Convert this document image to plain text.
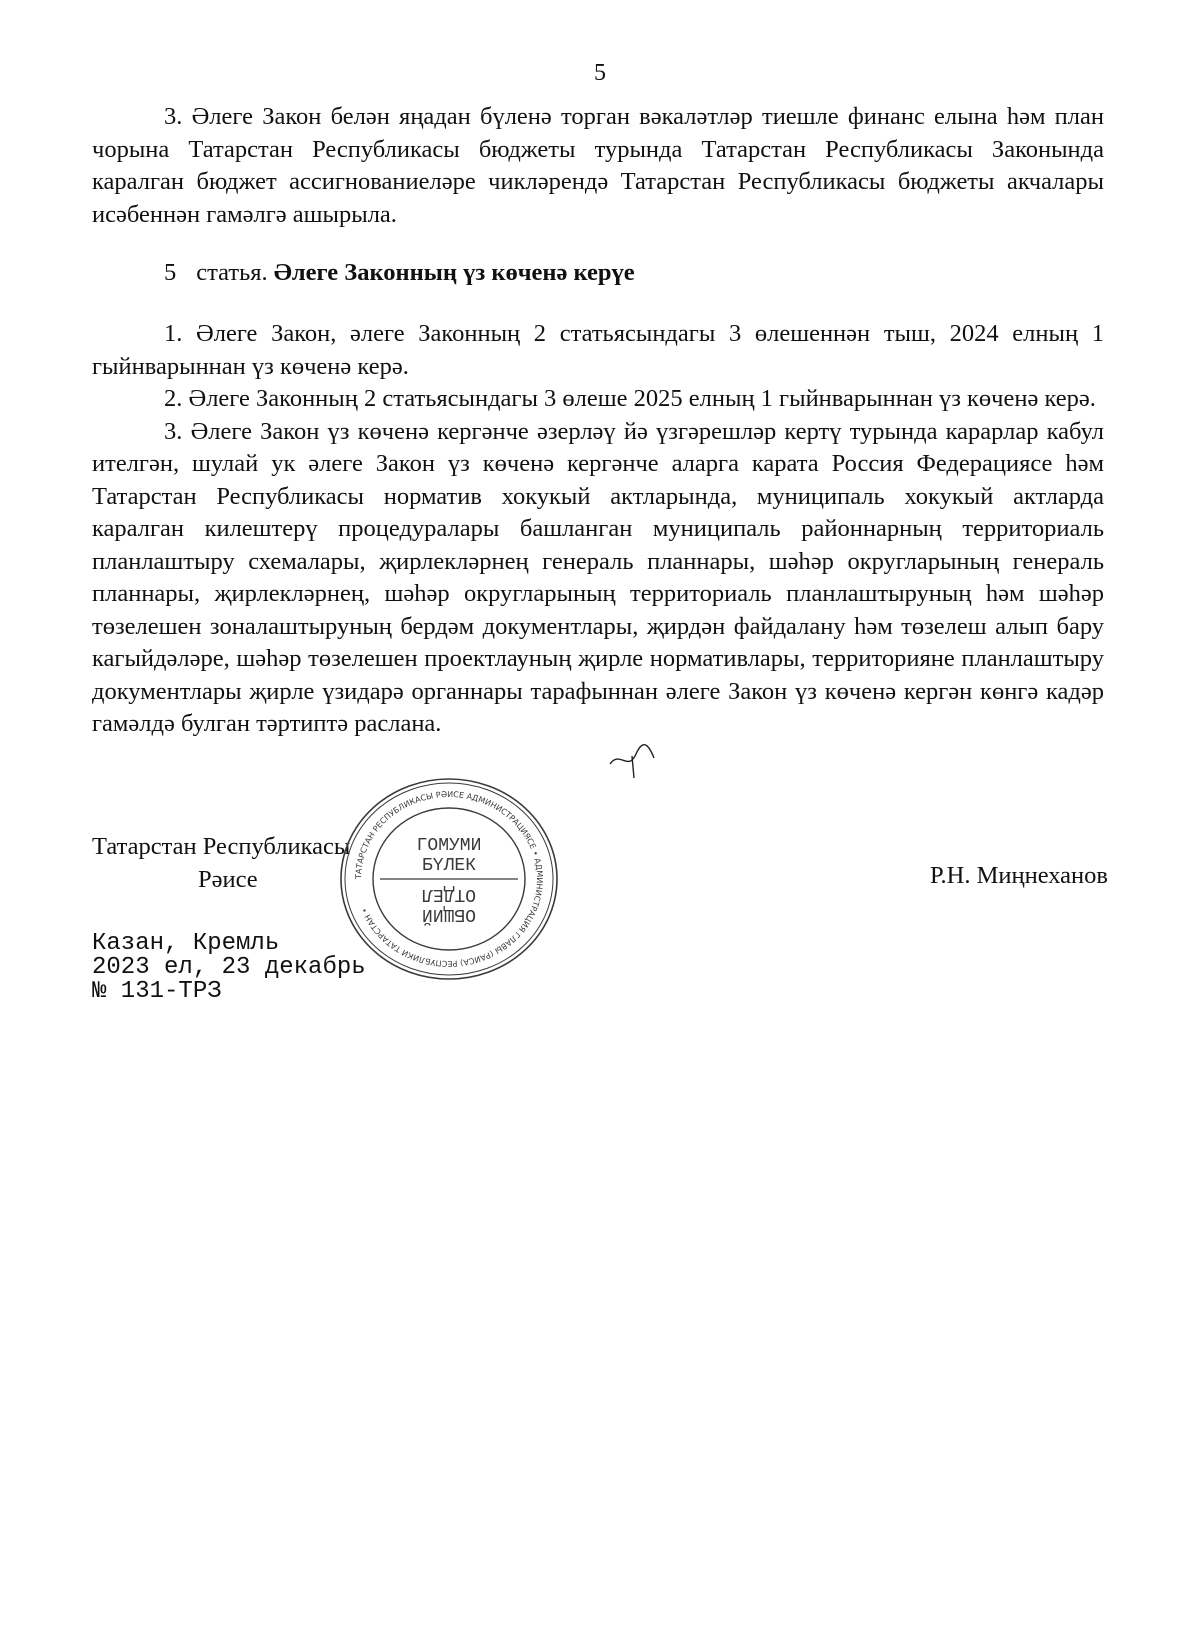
5

3. Әлеге Закон белән яңадан бүленә торган вәкаләтләр тиешле финанс елына һәм план чорына Татарстан Республикасы бюджеты турында Татарстан Республикасы Законында каралган бюджет ассигнованиеләре чикләрендә Татарстан Республикасы бюджеты акчалары исәбеннән гамәлгә ашырыла.

5 статья. Әлеге Законның үз көченә керүе

1. Әлеге Закон, әлеге Законның 2 статьясындагы 3 өлешеннән тыш, 2024 елның 1 гыйнварыннан үз көченә керә.

2. Әлеге Законның 2 статьясындагы 3 өлеше 2025 елның 1 гыйнварыннан үз көченә керә.

3. Әлеге Закон үз көченә кергәнче әзерләү йә үзгәрешләр кертү турында карарлар кабул ителгән, шулай ук әлеге Закон үз көченә кергәнче аларга карата Россия Федерациясе һәм Татарстан Республикасы норматив хокукый актларында, муниципаль хокукый актларда каралган килештерү процедуралары башланган муниципаль районнарның территориаль планлаштыру схемалары, җирлекләрнең генераль планнары, шәһәр округларының генераль планнары, җирлекләрнең, шәһәр округларының территориаль планлаштыруның һәм шәһәр төзелешен зоналаштыруның бердәм документлары, җирдән файдалану һәм төзелеш алып бару кагыйдәләре, шәһәр төзелешен проектлауның җирле нормативлары, территорияне планлаштыру документлары җирле үзидарә органнары тарафыннан әлеге Закон үз көченә кергән көнгә кадәр гамәлдә булган тәртиптә раслана.

Татарстан Республикасы
Рәисе	Р.Н. Миңнеханов
Казан, Кремль
2023 ел, 23 декабрь
№ 131-ТРЗ
ТАТАРСТАН РЕСПУБЛИКАСЫ РӘИСЕ АДМИНИСТРАЦИЯСЕ • АДМИНИСТРАЦИЯ ГЛАВЫ (РАИСА) РЕСПУБЛИКИ ТАТАРСТАН •
ГОМУМИ
БҮЛЕК
ОБЩИЙ
ОТДЕЛ
